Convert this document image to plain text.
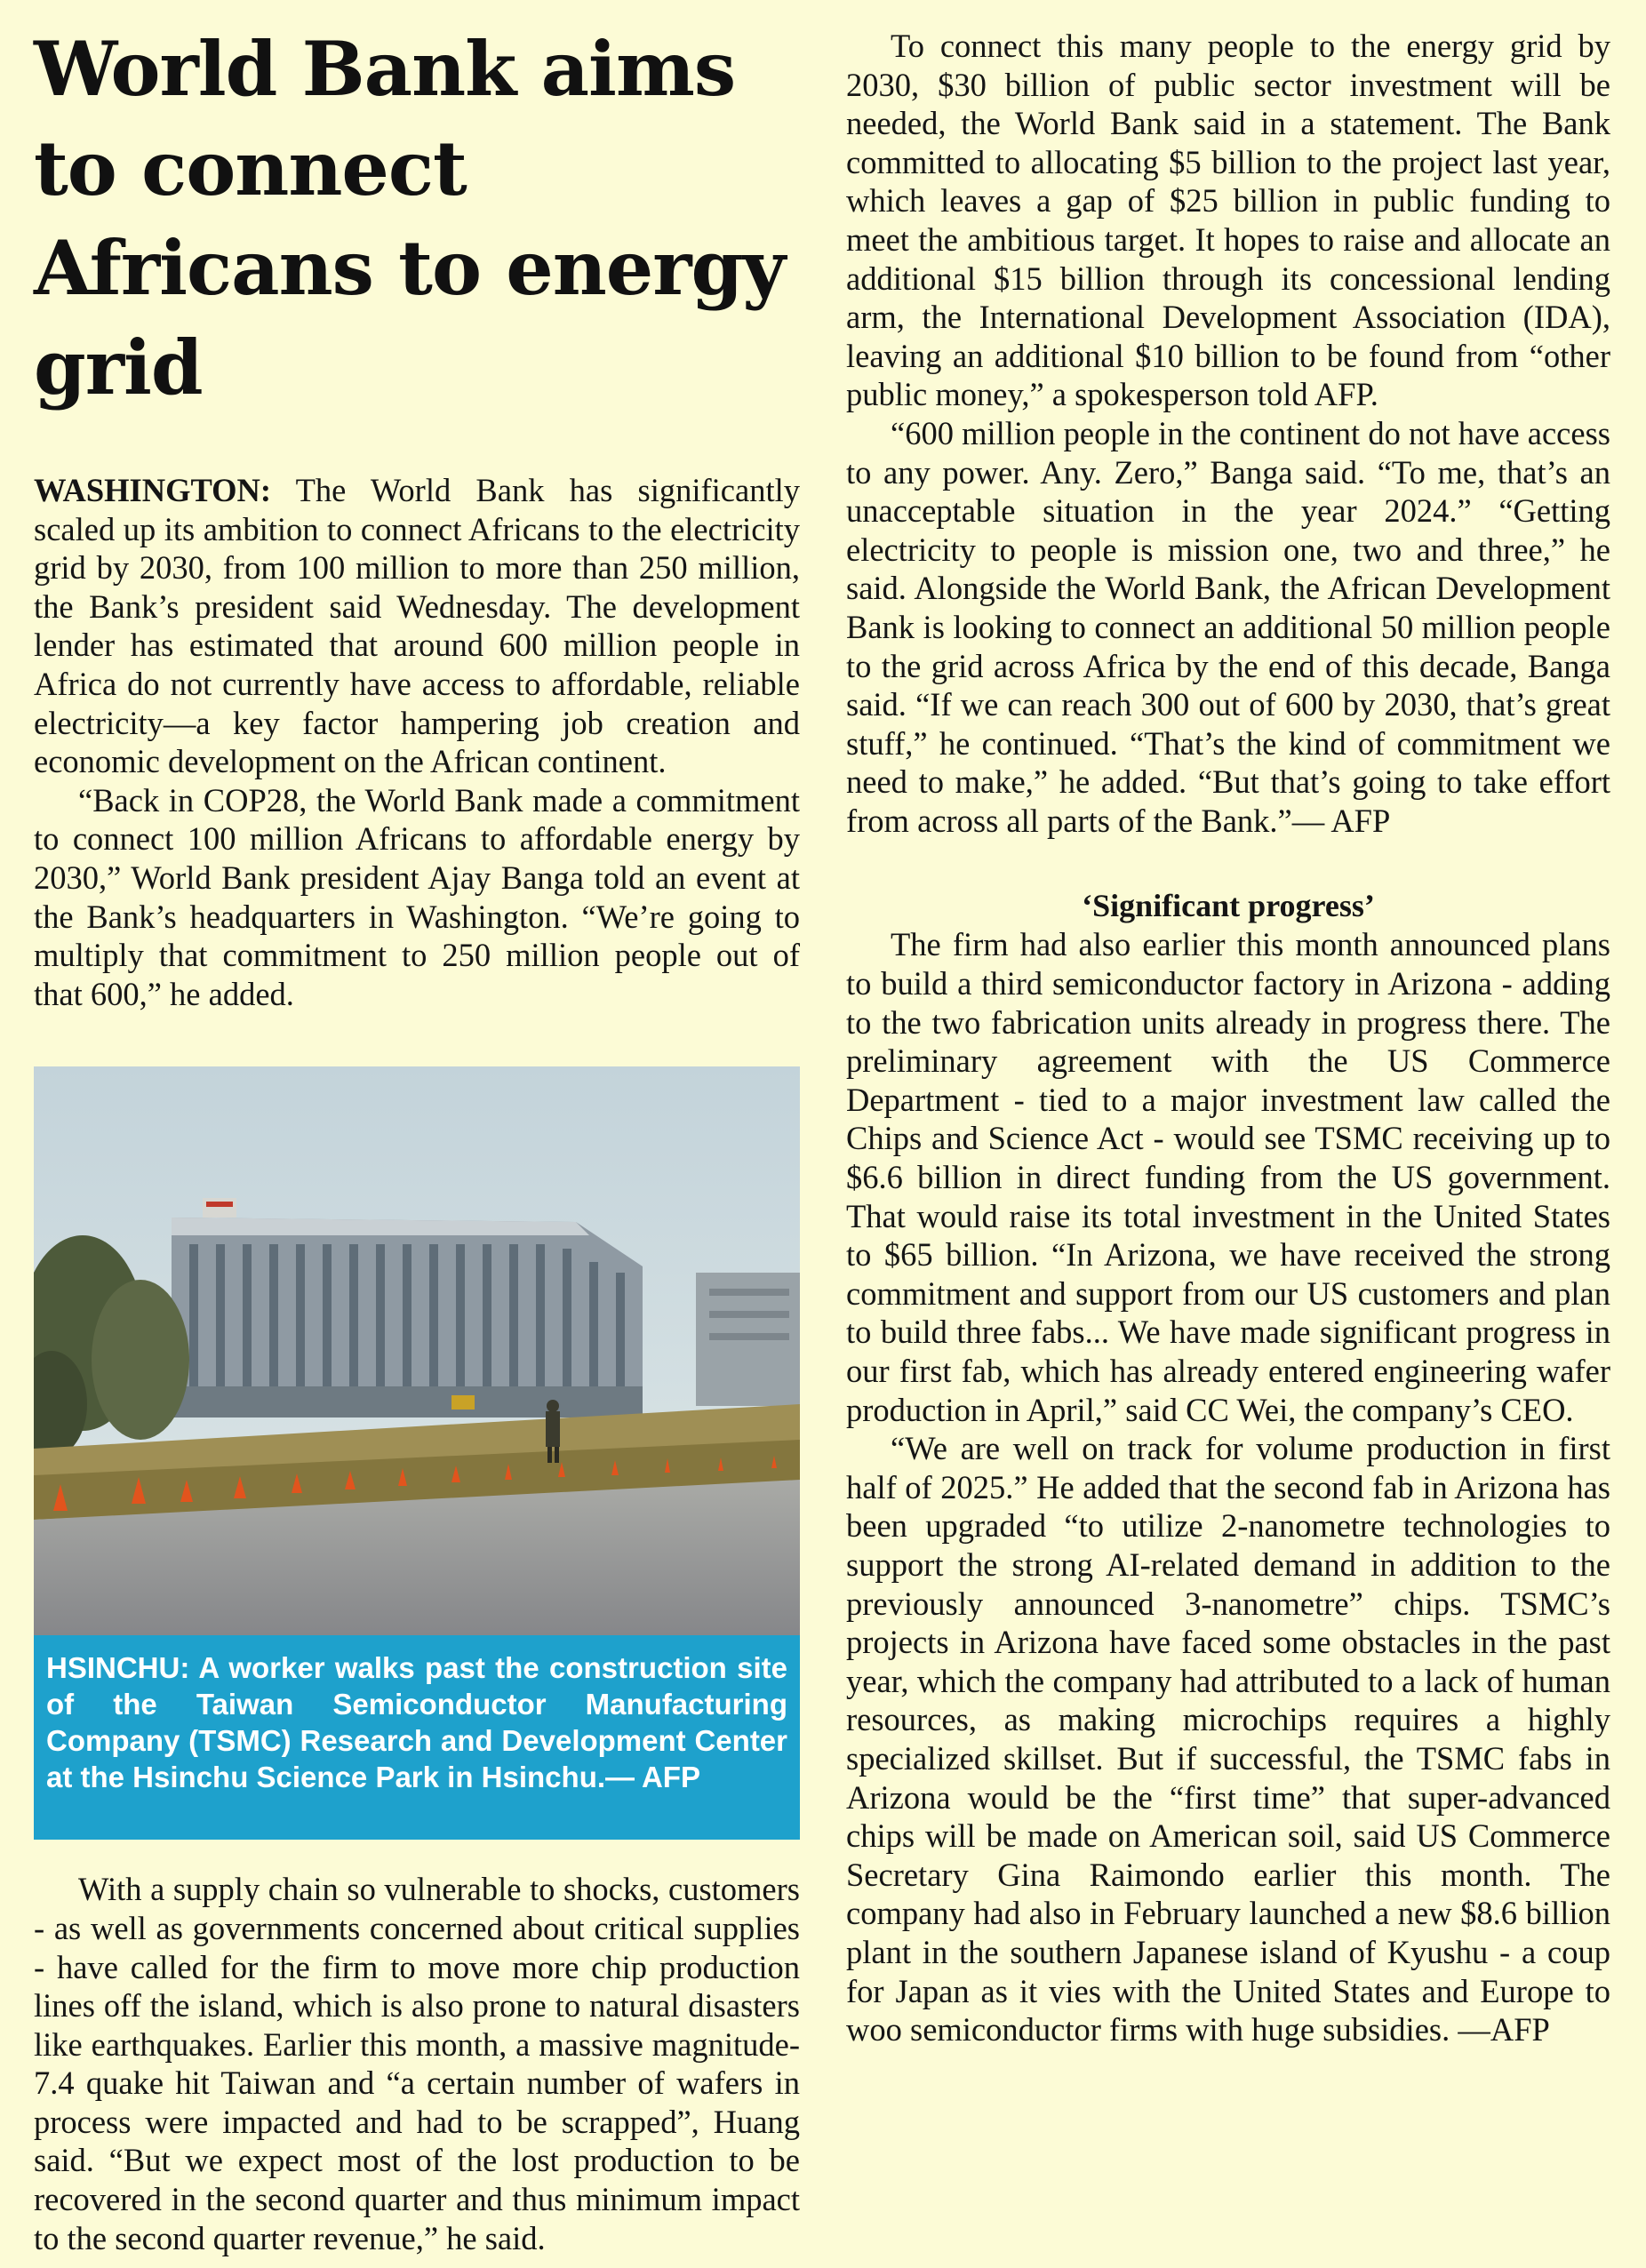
World Bank aims to connect Africans to energy grid

WASHINGTON: The World Bank has significantly scaled up its ambition to connect Africans to the electricity grid by 2030, from 100 million to more than 250 million, the Bank’s president said Wednesday. The development lender has estimated that around 600 million people in Africa do not currently have access to affordable, reliable electricity—a key factor hampering job creation and economic development on the African continent.

“Back in COP28, the World Bank made a commitment to connect 100 million Africans to affordable energy by 2030,” World Bank president Ajay Banga told an event at the Bank’s headquarters in Washington. “We’re going to multiply that commitment to 250 million people out of that 600,” he added.

HSINCHU: A worker walks past the construction site of the Taiwan Semiconductor Manufacturing Company (TSMC) Research and Development Center at the Hsinchu Science Park in Hsinchu.— AFP

With a supply chain so vulnerable to shocks, customers - as well as governments concerned about critical supplies - have called for the firm to move more chip production lines off the island, which is also prone to natural disasters like earthquakes. Earlier this month, a massive magnitude-7.4 quake hit Taiwan and “a certain number of wafers in process were impacted and had to be scrapped”, Huang said. “But we expect most of the lost production to be recovered in the second quarter and thus minimum impact to the second quarter revenue,” he said.

To connect this many people to the energy grid by 2030, $30 billion of public sector investment will be needed, the World Bank said in a statement. The Bank committed to allocating $5 billion to the project last year, which leaves a gap of $25 billion in public funding to meet the ambitious target. It hopes to raise and allocate an additional $15 billion through its concessional lending arm, the International Development Association (IDA), leaving an additional $10 billion to be found from “other public money,” a spokesperson told AFP.

“600 million people in the continent do not have access to any power. Any. Zero,” Banga said. “To me, that’s an unacceptable situation in the year 2024.” “Getting electricity to people is mission one, two and three,” he said. Alongside the World Bank, the African Development Bank is looking to connect an additional 50 million people to the grid across Africa by the end of this decade, Banga said. “If we can reach 300 out of 600 by 2030, that’s great stuff,” he continued. “That’s the kind of commitment we need to make,” he added. “But that’s going to take effort from across all parts of the Bank.”— AFP

‘Significant progress’

The firm had also earlier this month announced plans to build a third semiconductor factory in Arizona - adding to the two fabrication units already in progress there. The preliminary agreement with the US Commerce Department - tied to a major investment law called the Chips and Science Act - would see TSMC receiving up to $6.6 billion in direct funding from the US government. That would raise its total investment in the United States to $65 billion. “In Arizona, we have received the strong commitment and support from our US customers and plan to build three fabs... We have made significant progress in our first fab, which has already entered engineering wafer production in April,” said CC Wei, the company’s CEO.

“We are well on track for volume production in first half of 2025.” He added that the second fab in Arizona has been upgraded “to utilize 2-nanometre technologies to support the strong AI-related demand in addition to the previously announced 3-nanometre” chips. TSMC’s projects in Arizona have faced some obstacles in the past year, which the company had attributed to a lack of human resources, as making microchips requires a highly specialized skillset. But if successful, the TSMC fabs in Arizona would be the “first time” that super-advanced chips will be made on American soil, said US Commerce Secretary Gina Raimondo earlier this month. The company had also in February launched a new $8.6 billion plant in the southern Japanese island of Kyushu - a coup for Japan as it vies with the United States and Europe to woo semiconductor firms with huge subsidies. —AFP
